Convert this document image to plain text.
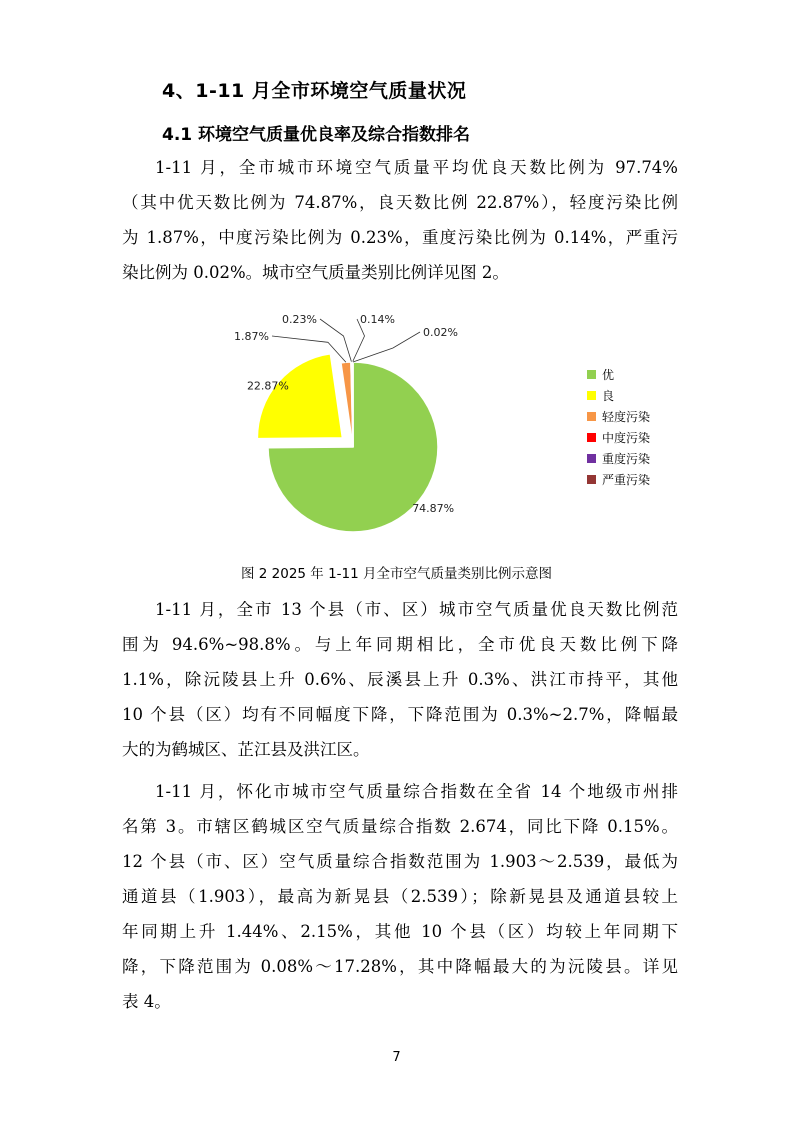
4、1-11 月全市环境空气质量状况
4.1 环境空气质量优良率及综合指数排名
1-11 月，全市城市环境空气质量平均优良天数比例为 97.74%
（其中优天数比例为 74.87%，良天数比例 22.87%），轻度污染比例
为 1.87%，中度污染比例为 0.23%，重度污染比例为 0.14%，严重污
染比例为 0.02%。城市空气质量类别比例详见图 2。
74.87%
22.87%
1.87%
0.23%	0.14%
0.02%
优
良
轻度污染
中度污染
重度污染
严重污染
图 2 2025 年 1-11 月全市空气质量类别比例示意图
1-11 月，全市 13 个县（市、区）城市空气质量优良天数比例范
围为 94.6%~98.8%。与上年同期相比，全市优良天数比例下降
1.1%，除沅陵县上升 0.6%、辰溪县上升 0.3%、洪江市持平，其他
10 个县（区）均有不同幅度下降，下降范围为 0.3%~2.7%，降幅最
大的为鹤城区、芷江县及洪江区。
1-11 月，怀化市城市空气质量综合指数在全省 14 个地级市州排
名第 3。市辖区鹤城区空气质量综合指数 2.674，同比下降 0.15%。
12 个县（市、区）空气质量综合指数范围为 1.903～2.539，最低为
通道县（1.903），最高为新晃县（2.539）；除新晃县及通道县较上
年同期上升 1.44%、2.15%，其他 10 个县（区）均较上年同期下
降，下降范围为 0.08%～17.28%，其中降幅最大的为沅陵县。详见
表 4。
7
